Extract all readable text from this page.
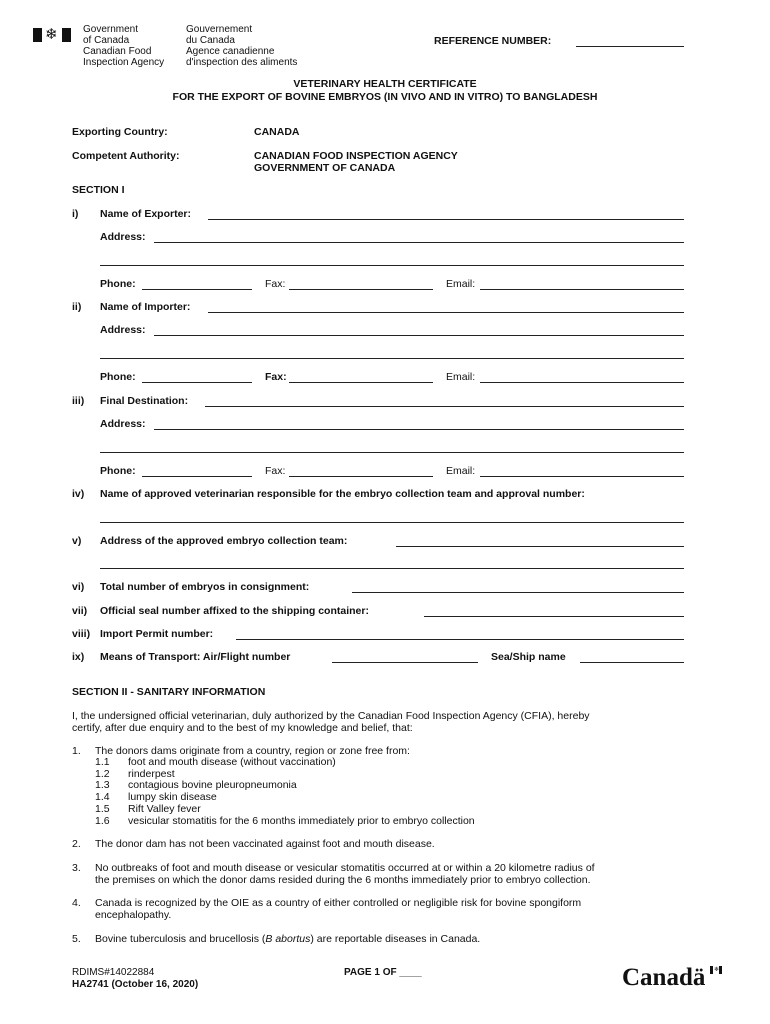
❄	Government
of Canada
Gouvernement
du Canada
Canadian Food
Inspection Agency
Agence canadienne
d'inspection des aliments
REFERENCE NUMBER:
VETERINARY HEALTH CERTIFICATE
FOR THE EXPORT OF BOVINE EMBRYOS (IN VIVO AND IN VITRO) TO BANGLADESH
Exporting Country:	CANADA
Competent Authority:	CANADIAN FOOD INSPECTION AGENCY
GOVERNMENT OF CANADA
SECTION I
i) Name of Exporter:
Address:
Phone:	Fax:	Email:
ii) Name of Importer:
Address:
Phone:	Fax:	Email:
iii) Final Destination:
Address:
Phone:	Fax:	Email:
iv) Name of approved veterinarian responsible for the embryo collection team and approval number:
v) Address of the approved embryo collection team:
vi) Total number of embryos in consignment:
vii) Official seal number affixed to the shipping container:
viii) Import Permit number:
ix) Means of Transport: Air/Flight number	Sea/Ship name
SECTION II - SANITARY INFORMATION
I, the undersigned official veterinarian, duly authorized by the Canadian Food Inspection Agency (CFIA), hereby
certify, after due enquiry and to the best of my knowledge and belief, that:
1. The donors dams originate from a country, region or zone free from:
1.1 foot and mouth disease (without vaccination)
1.2 rinderpest
1.3 contagious bovine pleuropneumonia
1.4 lumpy skin disease
1.5 Rift Valley fever
1.6 vesicular stomatitis for the 6 months immediately prior to embryo collection
2. The donor dam has not been vaccinated against foot and mouth disease.
3. No outbreaks of foot and mouth disease or vesicular stomatitis occurred at or within a 20 kilometre radius of
the premises on which the donor dams resided during the 6 months immediately prior to embryo collection.
4. Canada is recognized by the OIE as a country of either controlled or negligible risk for bovine spongiform
encephalopathy.
5. Bovine tuberculosis and brucellosis (B abortus) are reportable diseases in Canada.
RDIMS#14022884
HA2741 (October 16, 2020)
PAGE 1 OF ____	Canadä ❄
